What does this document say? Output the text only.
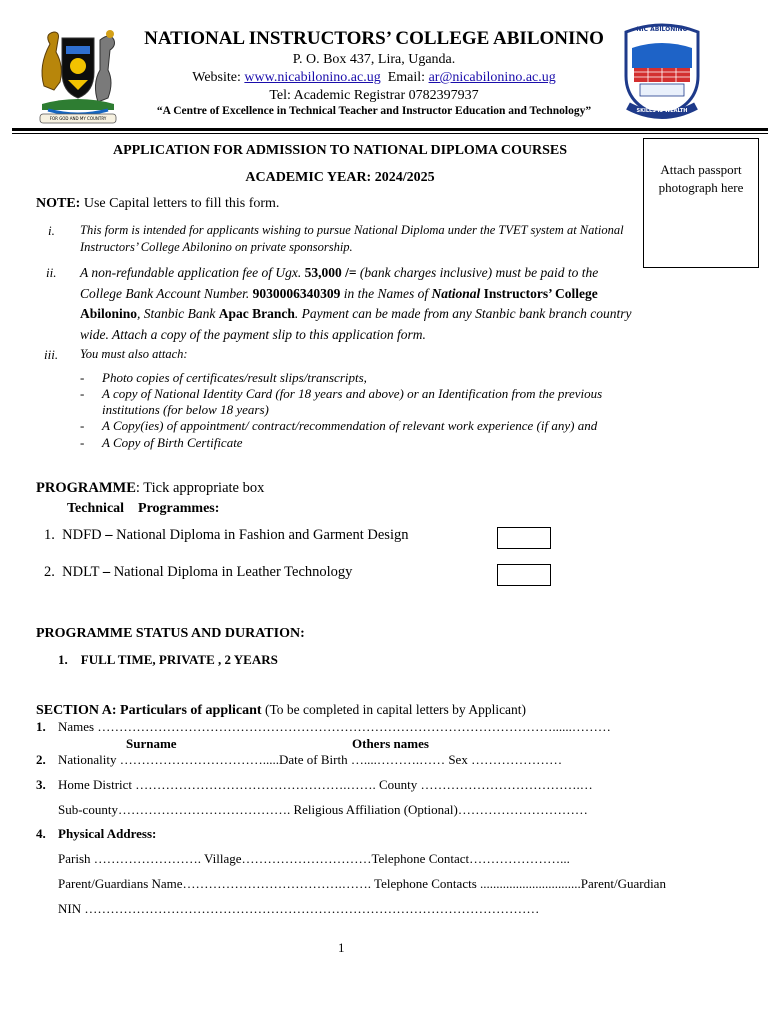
FOR GOD AND MY COUNTRY
NIC ABILONINO
SKILLS IS WEALTH
NATIONAL INSTRUCTORS’ COLLEGE ABILONINO
P. O. Box 437, Lira, Uganda.
Website: www.nicabilonino.ac.ug Email: ar@nicabilonino.ac.ug
Tel: Academic Registrar 0782397937
“A Centre of Excellence in Technical Teacher and Instructor Education and Technology”
APPLICATION FOR ADMISSION TO NATIONAL DIPLOMA COURSES
ACADEMIC YEAR: 2024/2025
Attach passport photograph here
NOTE: Use Capital letters to fill this form.
i. This form is intended for applicants wishing to pursue National Diploma under the TVET system at National Instructors’ College Abilonino on private sponsorship.
ii. A non-refundable application fee of Ugx. 53,000 /= (bank charges inclusive) must be paid to the College Bank Account Number. 9030006340309 in the Names of National Instructors’ College Abilonino, Stanbic Bank Apac Branch. Payment can be made from any Stanbic bank branch country wide. Attach a copy of the payment slip to this application form.
iii. You must also attach:
- Photo copies of certificates/result slips/transcripts,
- A copy of National Identity Card (for 18 years and above) or an Identification from the previous institutions (for below 18 years)
- A Copy(ies) of appointment/ contract/recommendation of relevant work experience (if any) and
- A Copy of Birth Certificate
PROGRAMME: Tick appropriate box
Technical    Programmes:
1. NDFD – National Diploma in Fashion and Garment Design
2. NDLT – National Diploma in Leather Technology
PROGRAMME STATUS AND DURATION:
1.    FULL TIME, PRIVATE , 2 YEARS
SECTION A: Particulars of applicant (To be completed in capital letters by Applicant)
1. Names ……………………………………………………………………………………………......………
Surname	Others names
2. Nationality …………………………….....Date of Birth …....……….…… Sex …………………
3. Home District ………………………………………….……. County ……………………………….…
Sub-county…………………………………. Religious Affiliation (Optional)…………………………
4. Physical Address:
Parish ……………………. Village…………………………Telephone Contact…………………...
Parent/Guardians Name……………………………….……. Telephone Contacts ...............................Parent/Guardian
NIN ……………………………………………………………………………………………
1
